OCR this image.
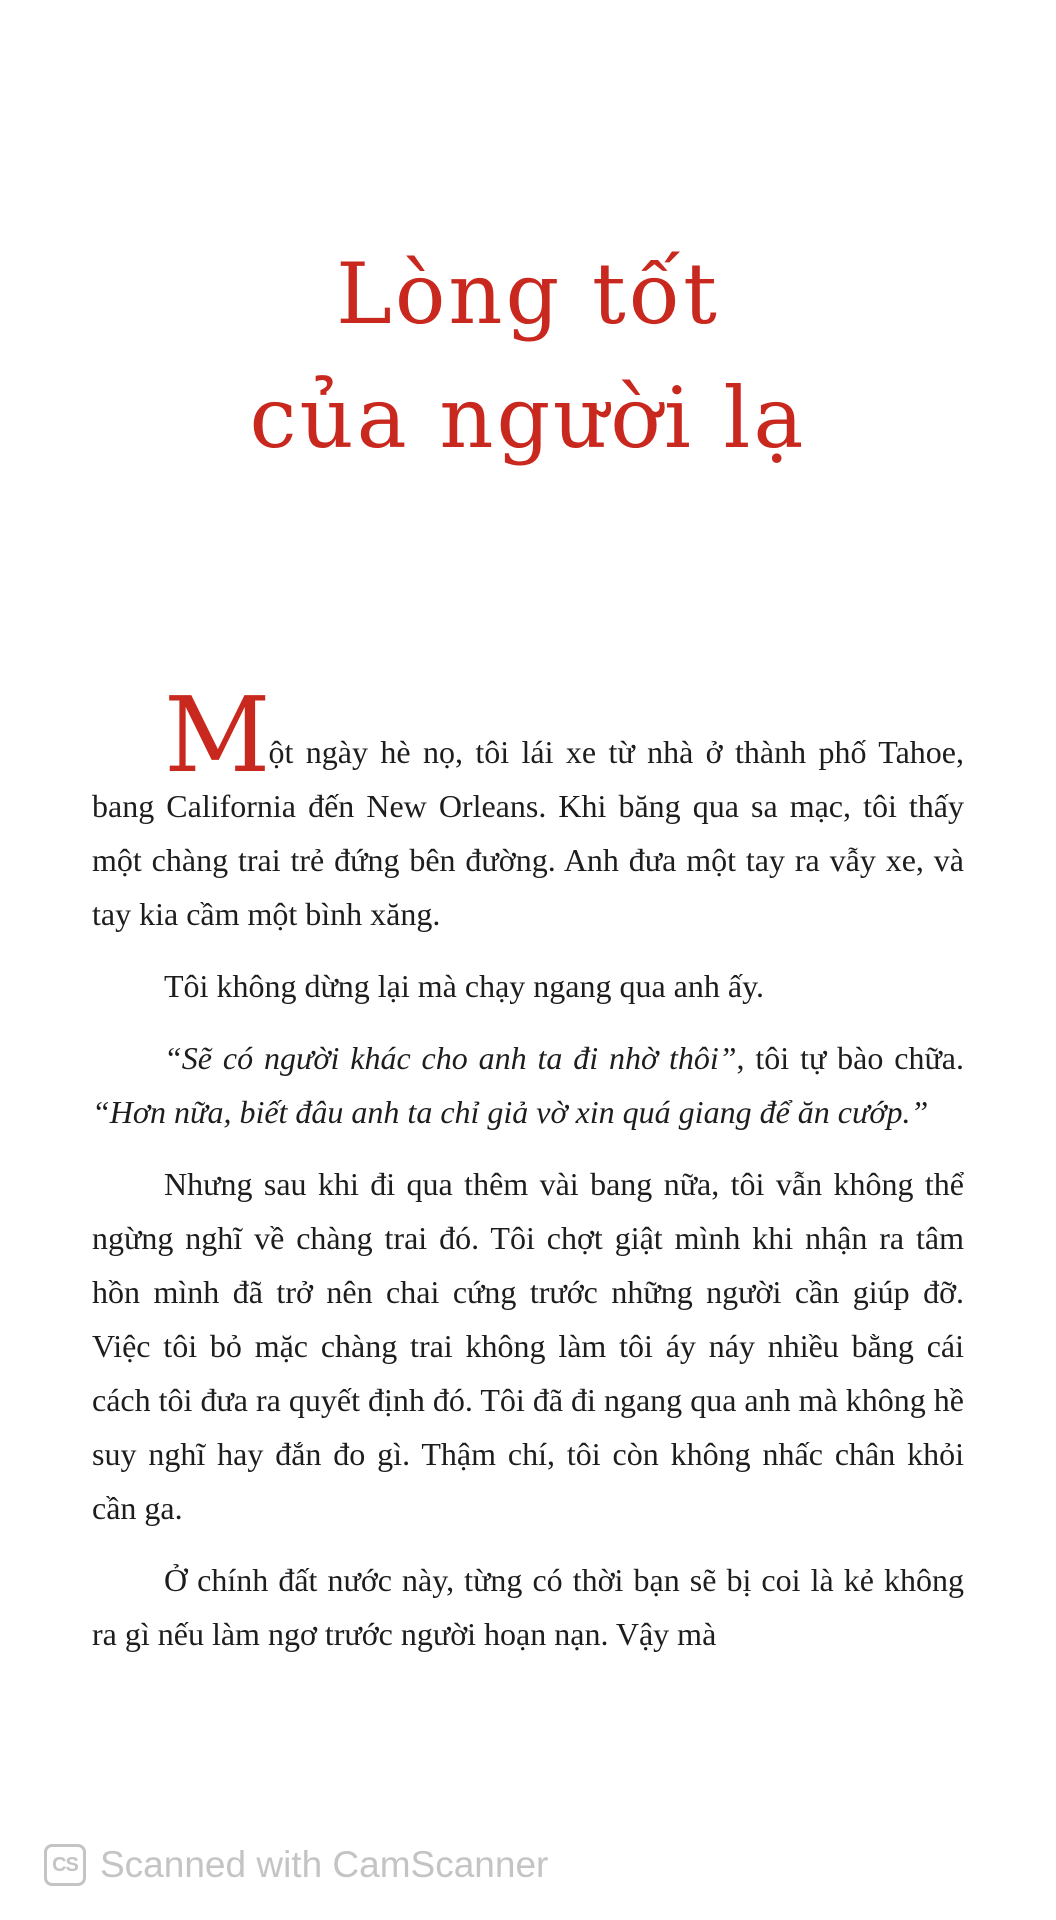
Lòng tốt
của người lạ

Một ngày hè nọ, tôi lái xe từ nhà ở thành phố Tahoe, bang California đến New Orleans. Khi băng qua sa mạc, tôi thấy một chàng trai trẻ đứng bên đường. Anh đưa một tay ra vẫy xe, và tay kia cầm một bình xăng.

Tôi không dừng lại mà chạy ngang qua anh ấy.

“Sẽ có người khác cho anh ta đi nhờ thôi”, tôi tự bào chữa. “Hơn nữa, biết đâu anh ta chỉ giả vờ xin quá giang để ăn cướp.”

Nhưng sau khi đi qua thêm vài bang nữa, tôi vẫn không thể ngừng nghĩ về chàng trai đó. Tôi chợt giật mình khi nhận ra tâm hồn mình đã trở nên chai cứng trước những người cần giúp đỡ. Việc tôi bỏ mặc chàng trai không làm tôi áy náy nhiều bằng cái cách tôi đưa ra quyết định đó. Tôi đã đi ngang qua anh mà không hề suy nghĩ hay đắn đo gì. Thậm chí, tôi còn không nhấc chân khỏi cần ga.

Ở chính đất nước này, từng có thời bạn sẽ bị coi là kẻ không ra gì nếu làm ngơ trước người hoạn nạn. Vậy mà

CS Scanned with CamScanner
